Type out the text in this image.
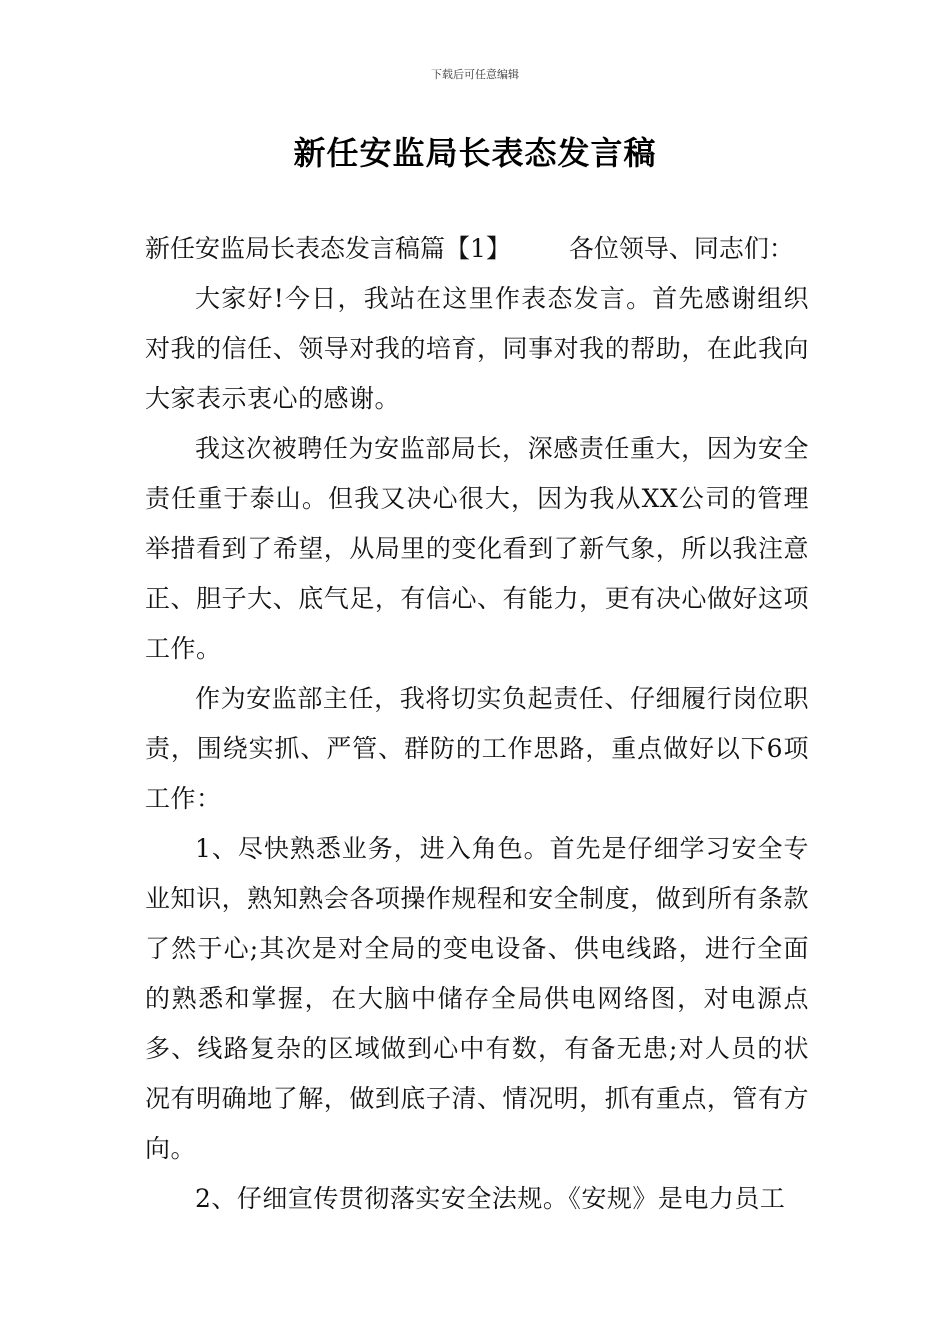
下载后可任意编辑
新任安监局长表态发言稿

新任安监局长表态发言稿篇【1】 各位领导、同志们：

大家好!今日，我站在这里作表态发言。首先感谢组织对我的信任、领导对我的培育，同事对我的帮助，在此我向大家表示衷心的感谢。

我这次被聘任为安监部局长，深感责任重大，因为安全责任重于泰山。但我又决心很大，因为我从XX公司的管理举措看到了希望，从局里的变化看到了新气象，所以我注意正、胆子大、底气足，有信心、有能力，更有决心做好这项工作。

作为安监部主任，我将切实负起责任、仔细履行岗位职责，围绕实抓、严管、群防的工作思路，重点做好以下6项工作：

1、尽快熟悉业务，进入角色。首先是仔细学习安全专业知识，熟知熟会各项操作规程和安全制度，做到所有条款了然于心;其次是对全局的变电设备、供电线路，进行全面的熟悉和掌握，在大脑中储存全局供电网络图，对电源点多、线路复杂的区域做到心中有数，有备无患;对人员的状况有明确地了解，做到底子清、情况明，抓有重点，管有方向。

2、仔细宣传贯彻落实安全法规。《安规》是电力员工
